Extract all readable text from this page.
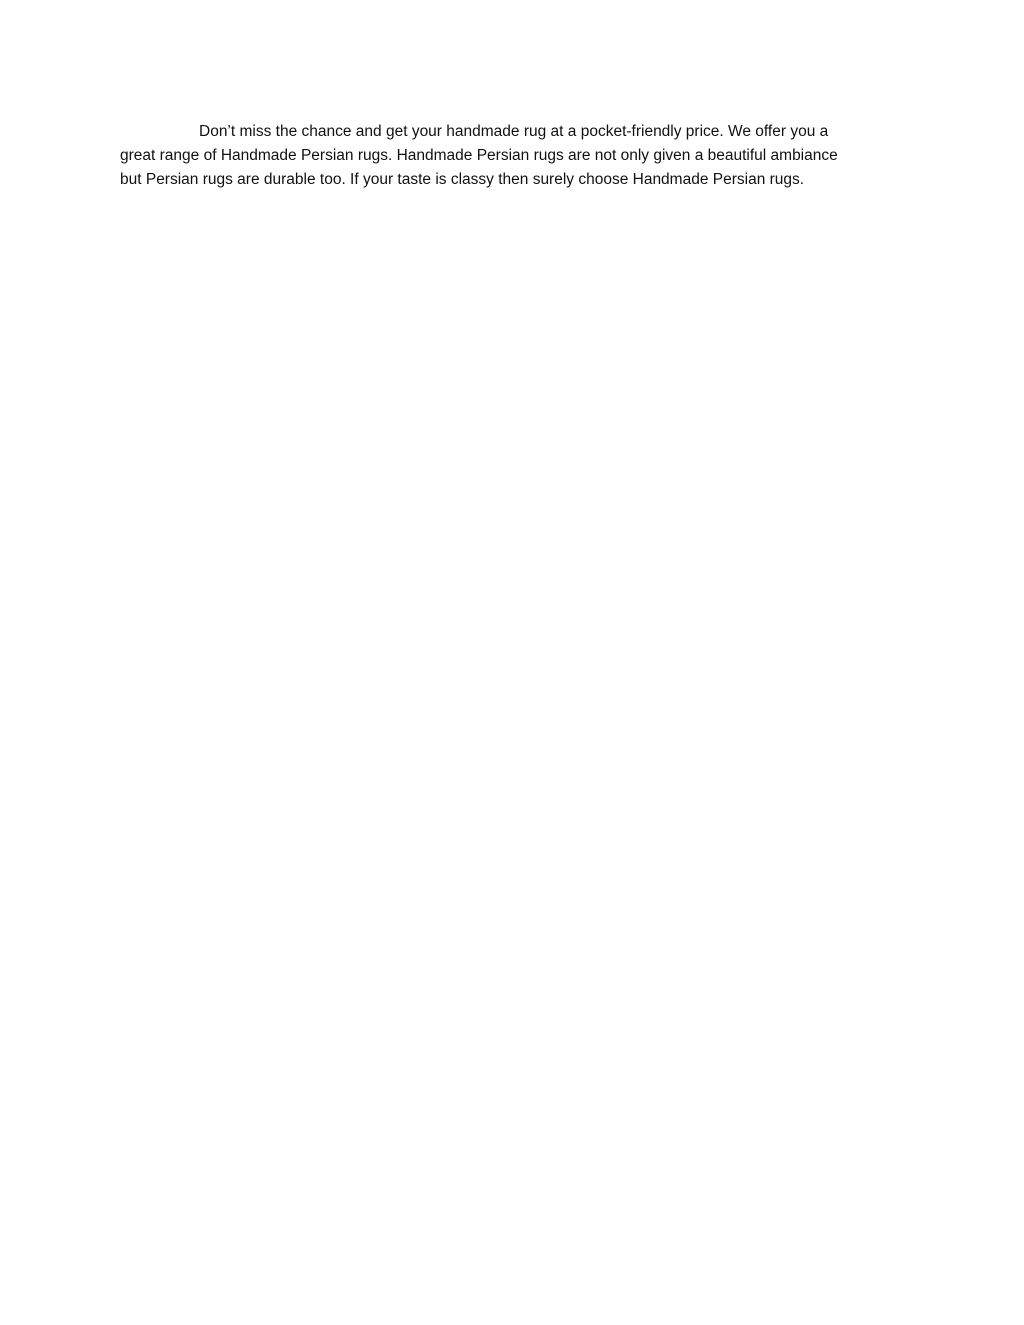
Don’t miss the chance and get your handmade rug at a pocket-friendly price. We offer you a
great range of Handmade Persian rugs. Handmade Persian rugs are not only given a beautiful ambiance
but Persian rugs are durable too. If your taste is classy then surely choose Handmade Persian rugs.
